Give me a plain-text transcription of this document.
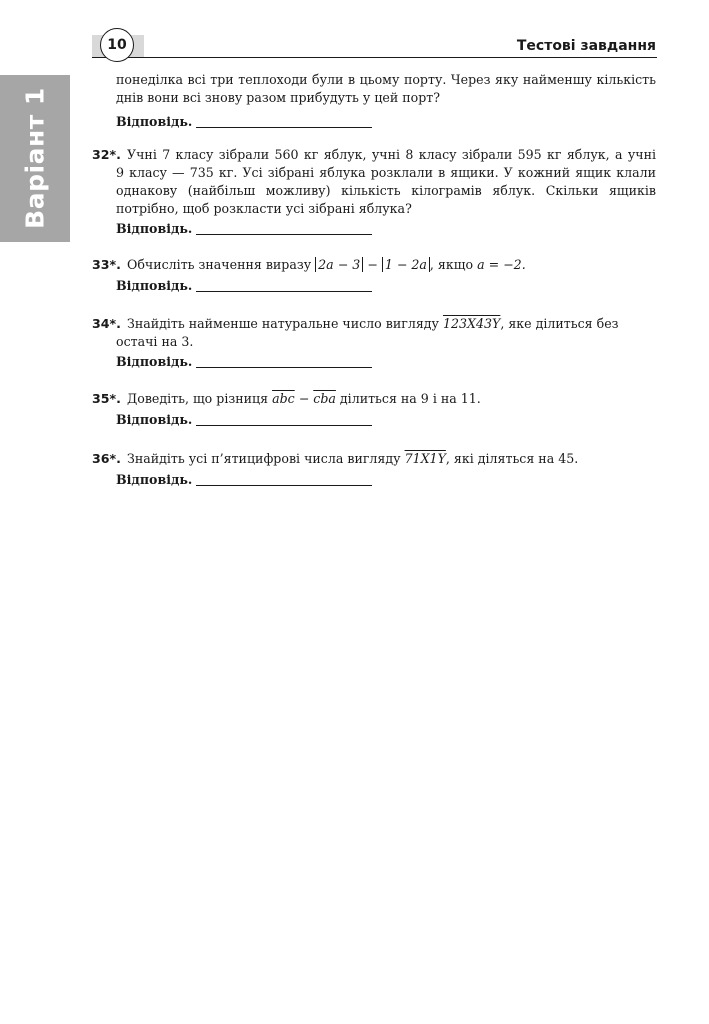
10	Тестові завдання
Варіант 1
понеділка всі три теплоходи були в цьому порту. Через яку найменшу кількість
днів вони всі знову разом прибудуть у цей порт?
Відповідь.
32*. Учні 7 класу зібрали 560 кг яблук, учні 8 класу зібрали 595 кг яблук, а учні
9 класу — 735 кг. Усі зібрані яблука розклали в ящики. У кожний ящик клали
однакову (найбільш можливу) кількість кілограмів яблук. Скільки ящиків
потрібно, щоб розкласти усі зібрані яблука?
Відповідь.
33*. Обчисліть значення виразу 2a − 3 − 1 − 2a , якщо a = −2.
Відповідь.
34*. Знайдіть найменше натуральне число вигляду 123X43Y, яке ділиться без
остачі на 3.
Відповідь.
35*. Доведіть, що різниця $\overline{abc} - \overline{cba}$ ділиться на 9 і на 11.
Відповідь.
36*. Знайдіть усі п’ятицифрові числа вигляду 71X1Y, які діляться на 45.
Відповідь.
